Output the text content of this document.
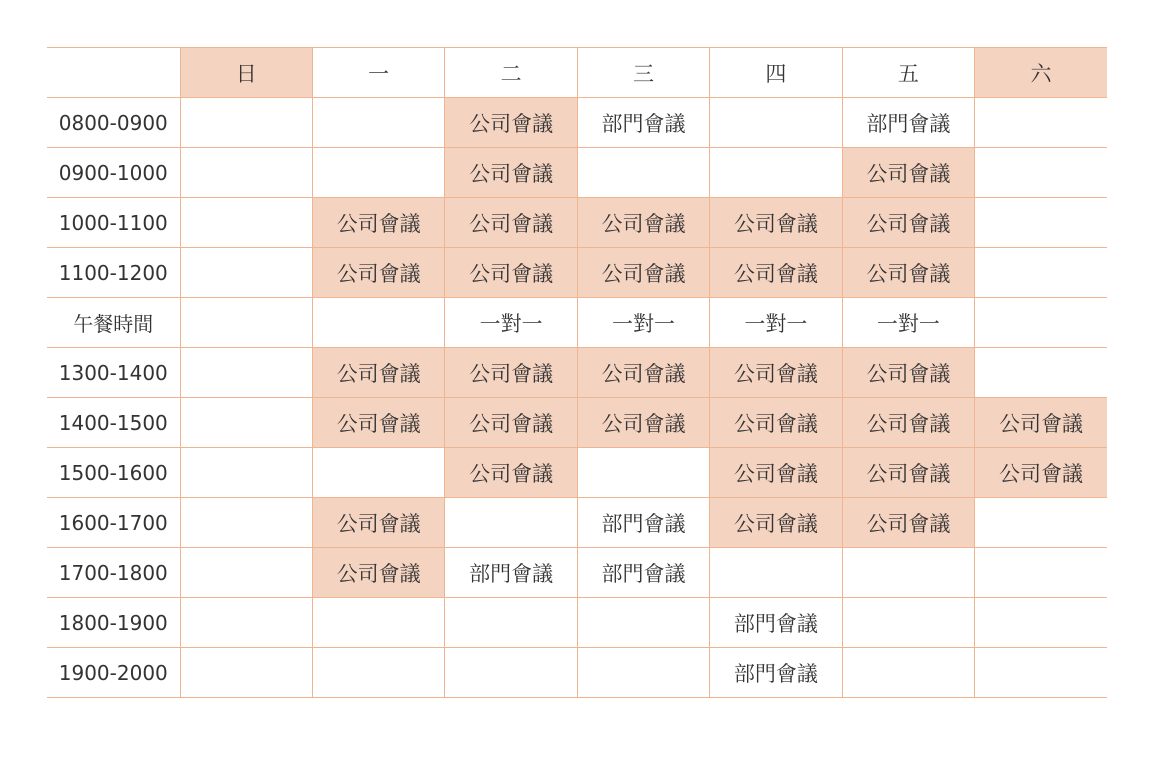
	日	一	二	三	四	五	六
0800-0900			公司會議	部門會議		部門會議	
0900-1000			公司會議			公司會議	
1000-1100		公司會議	公司會議	公司會議	公司會議	公司會議	
1100-1200		公司會議	公司會議	公司會議	公司會議	公司會議	
午餐時間			一對一	一對一	一對一	一對一	
1300-1400		公司會議	公司會議	公司會議	公司會議	公司會議	
1400-1500		公司會議	公司會議	公司會議	公司會議	公司會議	公司會議
1500-1600			公司會議		公司會議	公司會議	公司會議
1600-1700		公司會議		部門會議	公司會議	公司會議	
1700-1800		公司會議	部門會議	部門會議			
1800-1900					部門會議		
1900-2000					部門會議		
